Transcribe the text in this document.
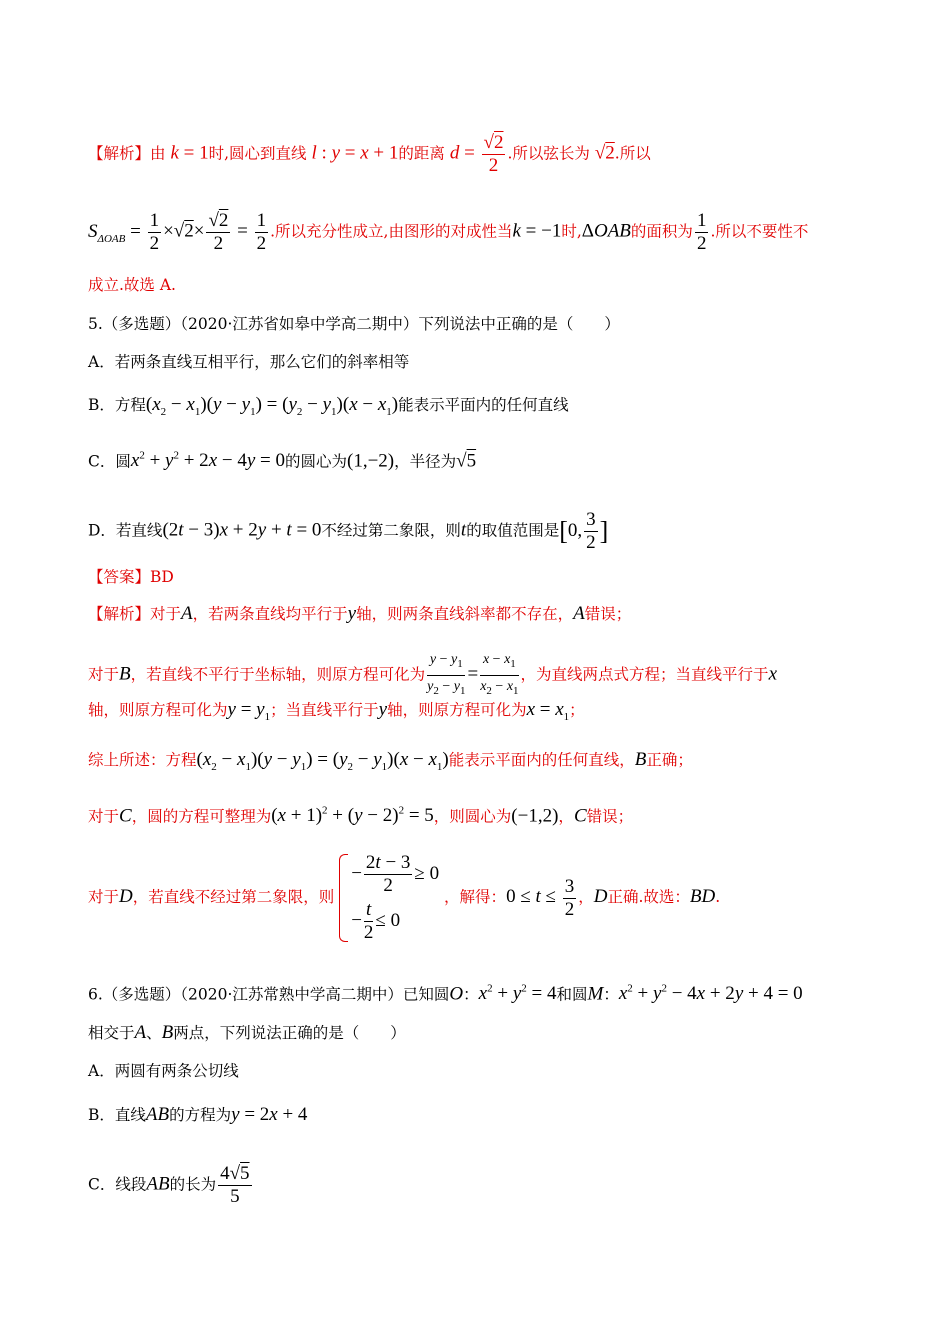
【解析】由 k = 1时,圆心到直线 l : y = x + 1的距离 $d = \frac{√2}{2}$ .所以弦长为 √2.所以
$S_{\Delta OAB} = \frac{1}{2} \times√2\times \frac{√2}{2} = \frac{1}{2}$ .所以充分性成立,由图形的对成性当k = −1时,ΔOAB的面积为 $\frac{1}{2}$ .所以不要性不
成立.故选 A.
5.（多选题）（2020·江苏省如皋中学高二期中）下列说法中正确的是（　　）
A．若两条直线互相平行，那么它们的斜率相等
B．方程$(x_2 - x_1)(y - y_1) = (y_2 - y_1)(x - x_1)$能表示平面内的任何直线
C．圆$x^2 + y^2 + 2x - 4y = 0$的圆心为(1,−2)，半径为√5
D．若直线(2t − 3)x + 2y + t = 0不经过第二象限，则t的取值范围是[0, $\frac{3}{2}$ ]
【答案】BD
【解析】对于A，若两条直线均平行于y轴，则两条直线斜率都不存在，A错误；
对于B，若直线不平行于坐标轴，则原方程可化为 $\frac{y - y_1}{y_2 - y_1} = \frac{x - x_1}{x_2 - x_1}$ ，为直线两点式方程；当直线平行于x
轴，则原方程可化为$y = y_1$；当直线平行于y轴，则原方程可化为$x = x_1$；
综上所述：方程$(x_2 - x_1)(y - y_1) = (y_2 - y_1)(x - x_1)$能表示平面内的任何直线，B正确；
对于C，圆的方程可整理为$(x + 1)^2 + (y - 2)^2 = 5$，则圆心为(−1,2)，C错误；
对于D，若直线不经过第二象限，则
− $\frac{2t - 3}{2} \ge 0$
− $\frac{t}{2} \le 0$
，解得：$0 \le t \le \frac{3}{2}$ ，D正确.故选：BD.
6.（多选题）（2020·江苏常熟中学高二期中）已知圆O：$x^2 + y^2 = 4$和圆M：$x^2 + y^2 - 4x + 2y + 4 = 0$
相交于A、B两点，下列说法正确的是（　　）
A．两圆有两条公切线
B．直线AB的方程为y = 2x + 4
C．线段AB的长为 $\frac{4√5}{5}$
